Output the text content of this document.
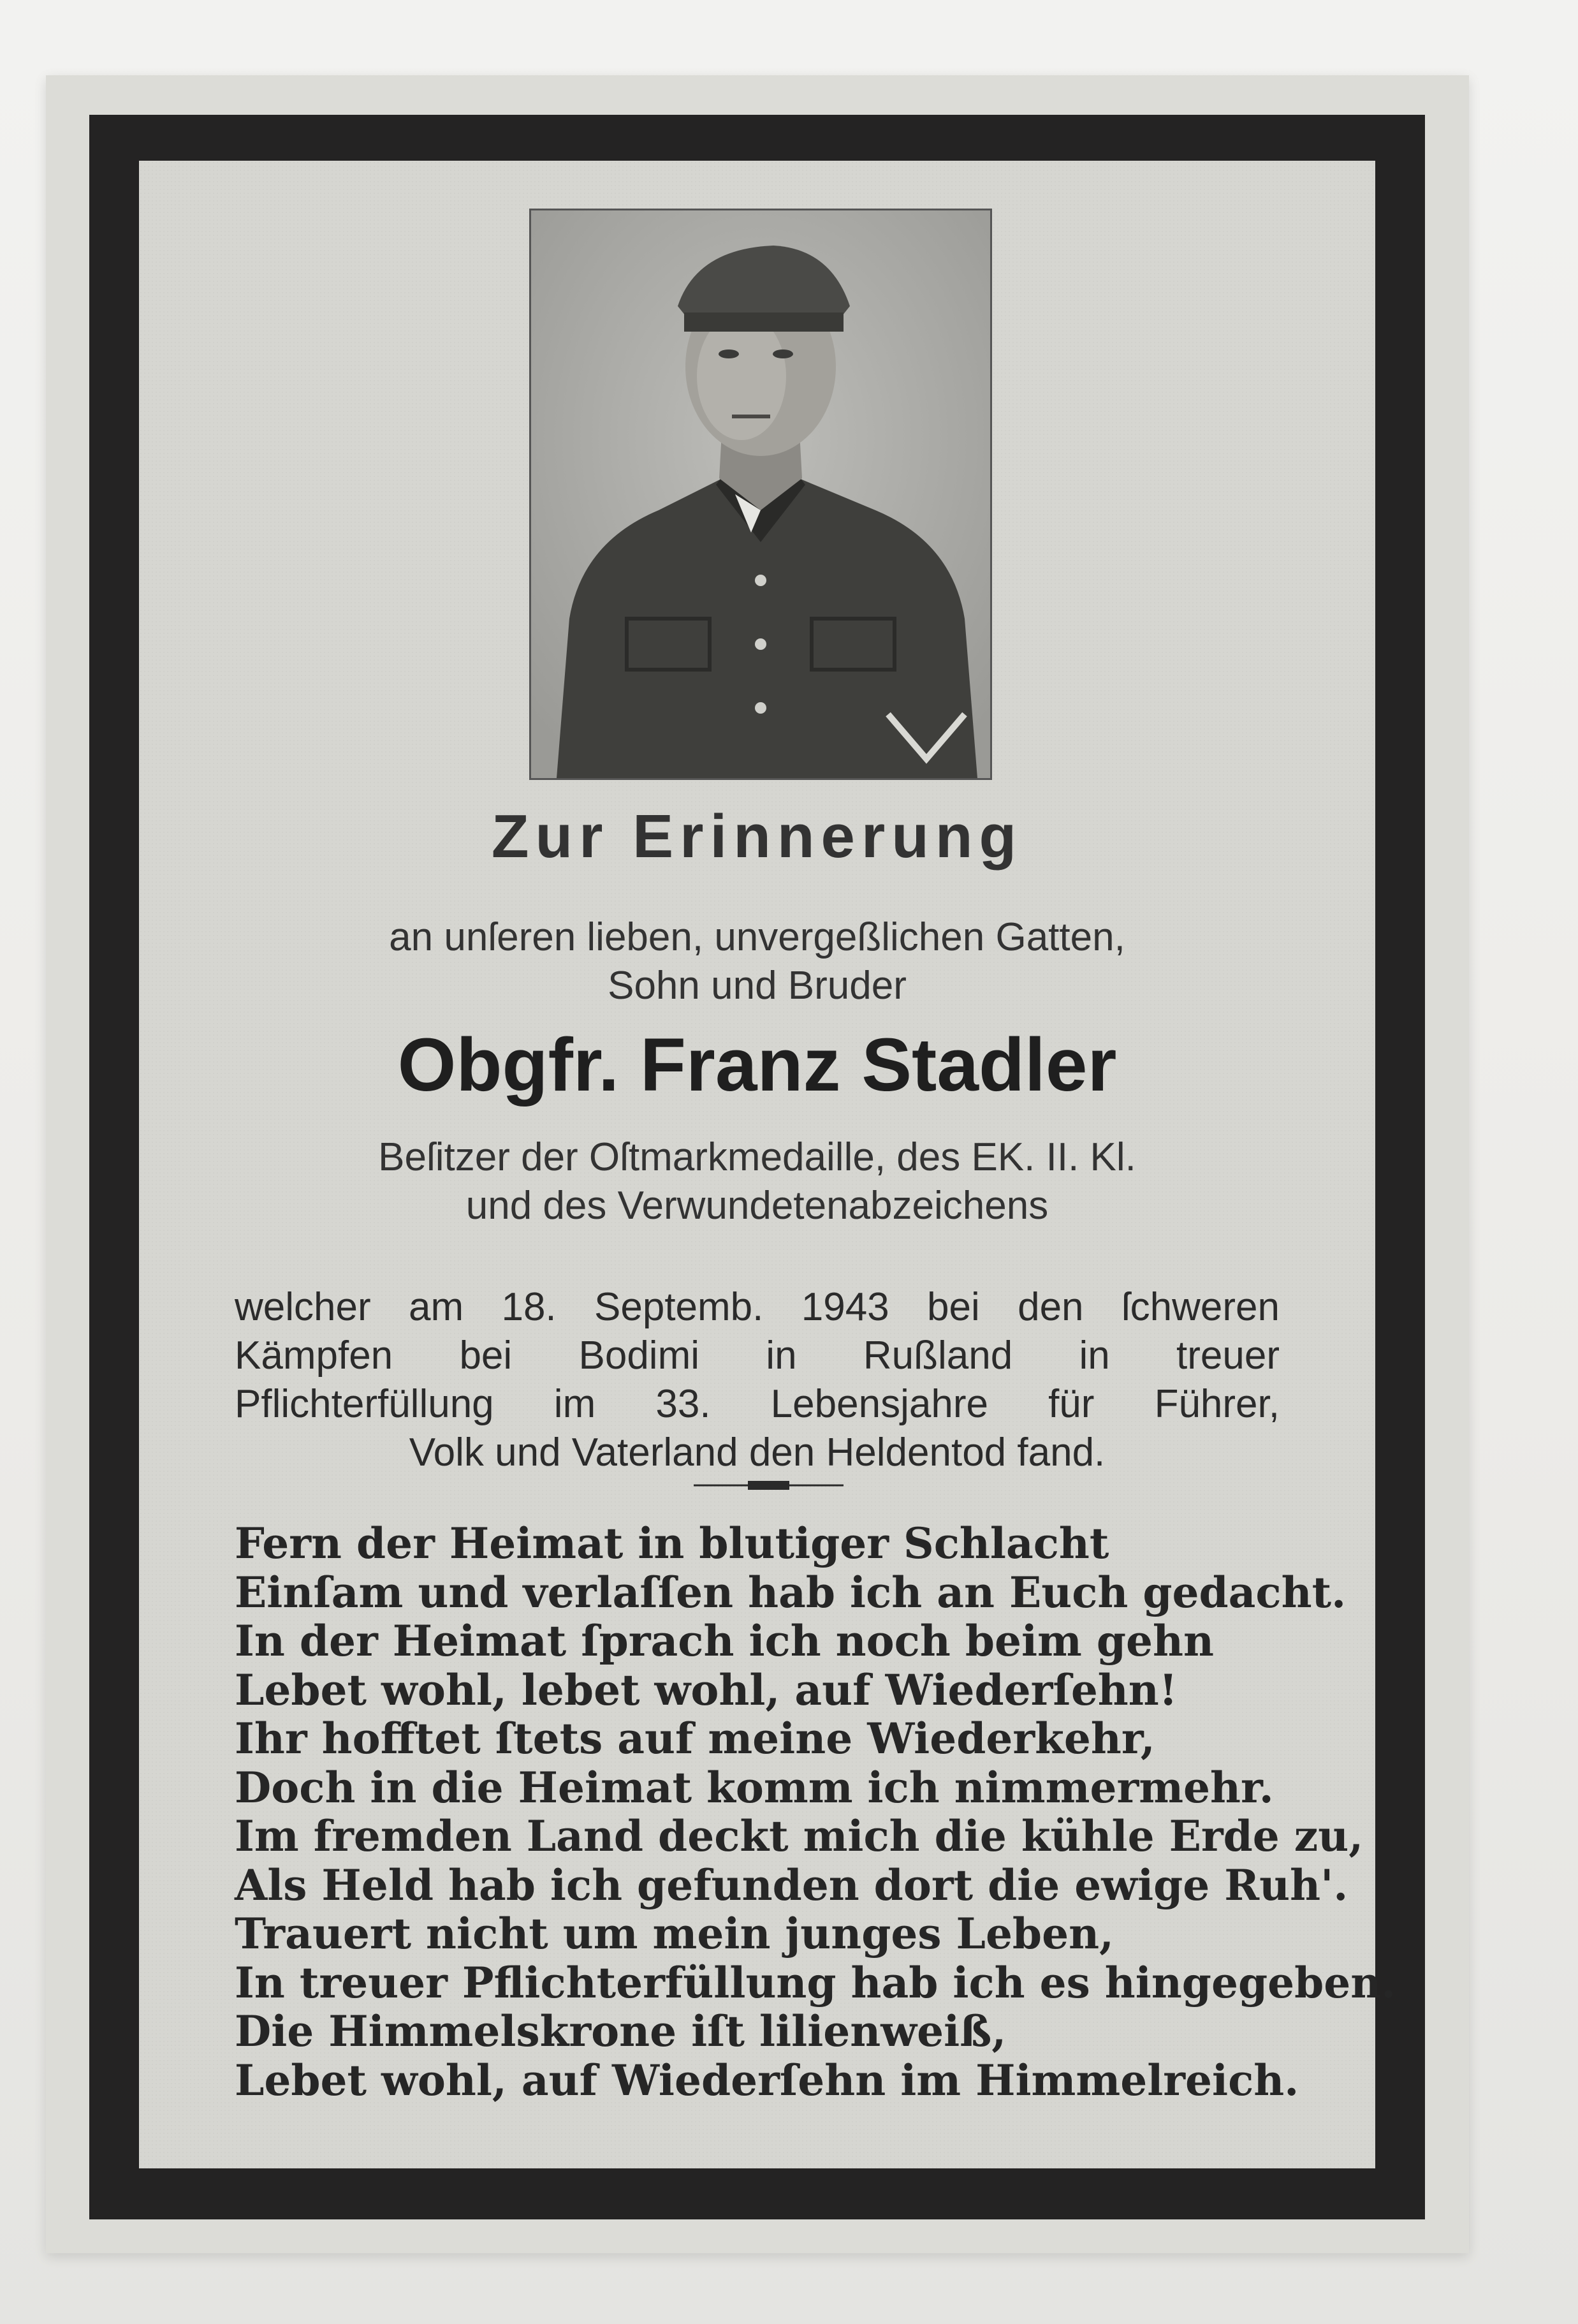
Zur Erinnerung
an unſeren lieben, unvergeßlichen Gatten,
Sohn und Bruder
Obgfr. Franz Stadler
Beſitzer der Oſtmarkmedaille, des EK. II. Kl.
und des Verwundetenabzeichens
welcher am 18. Septemb. 1943 bei den ſchweren
Kämpfen bei Bodimi in Rußland in treuer
Pflichterfüllung im 33. Lebensjahre für Führer,
Volk und Vaterland den Heldentod fand.
Fern der Heimat in blutiger Schlacht
Einſam und verlaſſen hab ich an Euch gedacht.
In der Heimat ſprach ich noch beim gehn
Lebet wohl, lebet wohl, auf Wiederſehn!
Ihr hofftet ſtets auf meine Wiederkehr,
Doch in die Heimat komm ich nimmermehr.
Im fremden Land deckt mich die kühle Erde zu,
Als Held hab ich gefunden dort die ewige Ruh'.
Trauert nicht um mein junges Leben,
In treuer Pflichterfüllung hab ich es hingegeben.
Die Himmelskrone iſt lilienweiß,
Lebet wohl, auf Wiederſehn im Himmelreich.
